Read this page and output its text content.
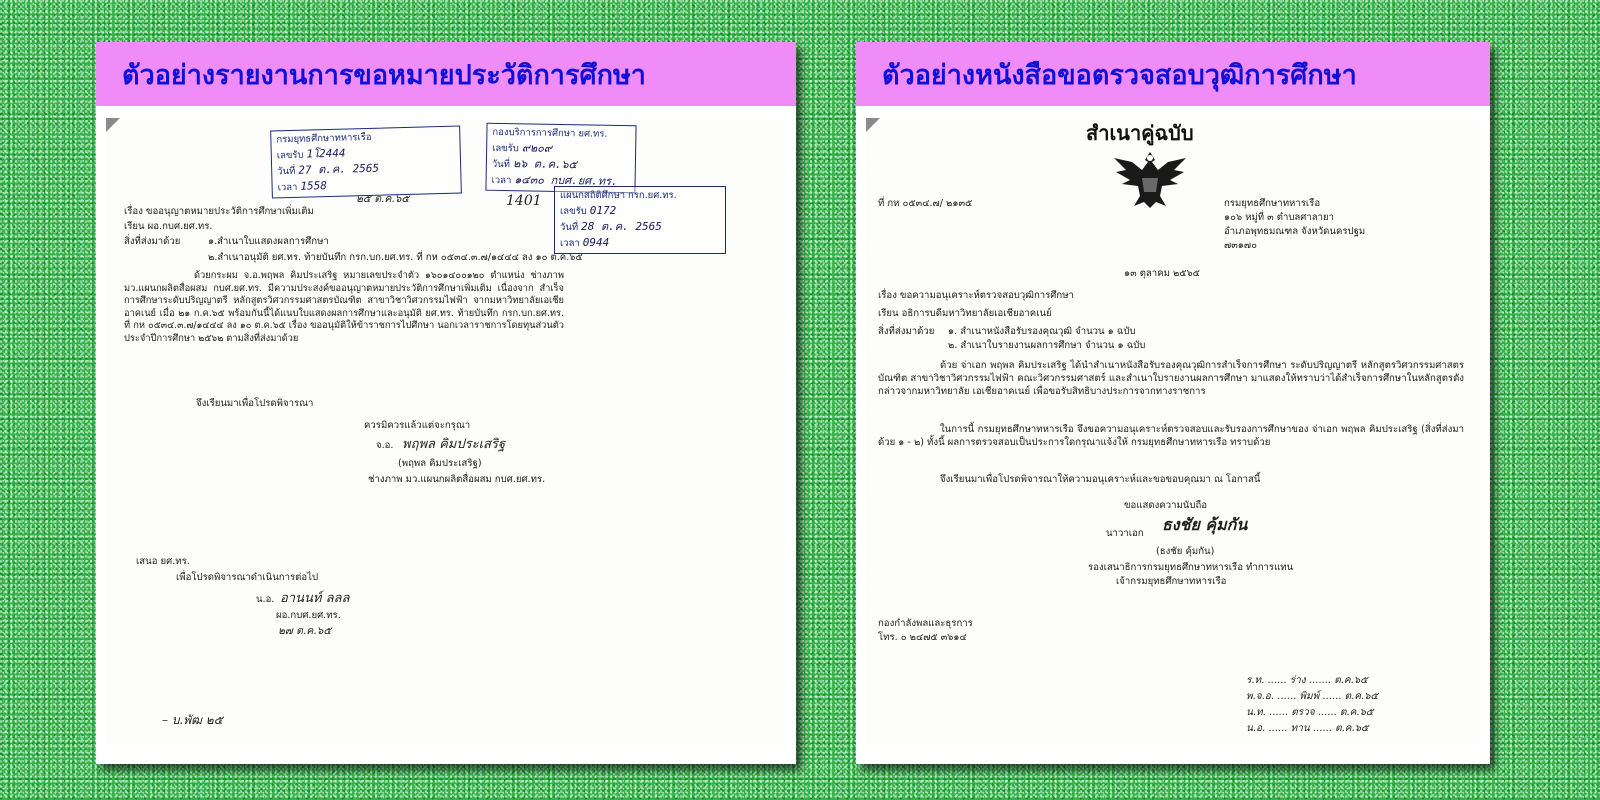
ตัวอย่างรายงานการขอหมายประวัติการศึกษา
กรมยุทธศึกษาทหารเรือ
เลขรับ 1โ2444
วันที่ 27 ต.ค. 2565
เวลา 1558
๒๕ ต.ค.๖๕
กองบริการการศึกษา ยศ.ทร.
เลขรับ ๙๒๐๙
วันที่ ๒๖ ต.ค.๖๕
เวลา ๑๔๓๐ กบศ.ยศ.ทร.
แผนกสถิติศึกษา กรก.ยศ.ทร.
เลขรับ 0172
วันที่ 28 ต.ค. 2565
เวลา 0944
1401
เรื่อง ขออนุญาตหมายประวัติการศึกษาเพิ่มเติม
เรียน ผอ.กบศ.ยศ.ทร.
สิ่งที่ส่งมาด้วย	๑.สำเนาใบแสดงผลการศึกษา
๒.สำเนาอนุมัติ ยศ.ทร. ท้ายบันทึก กรก.บก.ยศ.ทร. ที่ กห ๐๕๓๔.๓.๗/๑๔๔๔ ลง ๑๐ ต.ค.๖๕
ด้วยกระผม จ.อ.พฤพล คิมประเสริฐ หมายเลขประจำตัว ๑๖๐๑๔๐๐๑๒๐ ตำแหน่ง ช่างภาพ มว.แผนกผลิตสื่อผสม กบศ.ยศ.ทร. มีความประสงค์ขออนุญาตหมายประวัติการศึกษาเพิ่มเติม เนื่องจาก สำเร็จการศึกษาระดับปริญญาตรี หลักสูตรวิศวกรรมศาสตรบัณฑิต สาขาวิชาวิศวกรรมไฟฟ้า จากมหาวิทยาลัยเอเชียอาคเนย์ เมื่อ ๒๑ ก.ค.๖๕ พร้อมกันนี้ได้แนบใบแสดงผลการศึกษาและอนุมัติ ยศ.ทร. ท้ายบันทึก กรก.บก.ยศ.ทร. ที่ กห ๐๕๓๔.๓.๗/๑๔๔๔ ลง ๑๐ ต.ค.๖๕ เรื่อง ขออนุมัติให้ข้าราชการไปศึกษา นอกเวลาราชการโดยทุนส่วนตัว ประจำปีการศึกษา ๒๕๖๒ ตามสิ่งที่ส่งมาด้วย
จึงเรียนมาเพื่อโปรดพิจารณา
ควรมิควรแล้วแต่จะกรุณา
จ.อ. พฤพล คิมประเสริฐ
(พฤพล คิมประเสริฐ)
ช่างภาพ มว.แผนกผลิตสื่อผสม กบศ.ยศ.ทร.
เสนอ ยศ.ทร.
เพื่อโปรดพิจารณาดำเนินการต่อไป
น.อ. อานนท์ ลลล
ผอ.กบศ.ยศ.ทร.
๒๗ ต.ค.๖๕
– บ.พัฒ ๒๕
ตัวอย่างหนังสือขอตรวจสอบวุฒิการศึกษา
สำเนาคู่ฉบับ
ที่ กห ๐๕๓๔.๗/ ๒๑๓๕	กรมยุทธศึกษาทหารเรือ
๑๐๖ หมู่ที่ ๓ ตำบลศาลายา
อำเภอพุทธมณฑล จังหวัดนครปฐม
๗๓๑๗๐
๑๓ ตุลาคม ๒๕๖๕
เรื่อง ขอความอนุเคราะห์ตรวจสอบวุฒิการศึกษา
เรียน อธิการบดีมหาวิทยาลัยเอเชียอาคเนย์
สิ่งที่ส่งมาด้วย ๑. สำเนาหนังสือรับรองคุณวุฒิ จำนวน ๑ ฉบับ
๒. สำเนาใบรายงานผลการศึกษา จำนวน ๑ ฉบับ
ด้วย จ่าเอก พฤพล คิมประเสริฐ ได้นำสำเนาหนังสือรับรองคุณวุฒิการสำเร็จการศึกษา ระดับปริญญาตรี หลักสูตรวิศวกรรมศาสตรบัณฑิต สาขาวิชาวิศวกรรมไฟฟ้า คณะวิศวกรรมศาสตร์ และสำเนาใบรายงานผลการศึกษา มาแสดงให้ทราบว่าได้สำเร็จการศึกษาในหลักสูตรดังกล่าวจากมหาวิทยาลัย เอเชียอาคเนย์ เพื่อขอรับสิทธิบางประการจากทางราชการ
ในการนี้ กรมยุทธศึกษาทหารเรือ จึงขอความอนุเคราะห์ตรวจสอบและรับรองการศึกษาของ จ่าเอก พฤพล คิมประเสริฐ (สิ่งที่ส่งมาด้วย ๑ - ๒) ทั้งนี้ ผลการตรวจสอบเป็นประการใดกรุณาแจ้งให้ กรมยุทธศึกษาทหารเรือ ทราบด้วย
จึงเรียนมาเพื่อโปรดพิจารณาให้ความอนุเคราะห์และขอขอบคุณมา ณ โอกาสนี้
ขอแสดงความนับถือ
นาวาเอก ธงชัย คุ้มกัน
(ธงชัย คุ้มกัน)
รองเสนาธิการกรมยุทธศึกษาทหารเรือ ทำการแทน
เจ้ากรมยุทธศึกษาทหารเรือ
กองกำลังพลและธุรการ
โทร. ๐ ๒๔๗๕ ๓๖๑๔
ร.ท. ...... ร่าง ....... ต.ค.๖๕
พ.จ.อ. ...... พิมพ์ ...... ต.ค.๖๕
น.ท. ...... ตรวจ ...... ต.ค.๖๕
น.อ. ...... ทาน ...... ต.ค.๖๕
